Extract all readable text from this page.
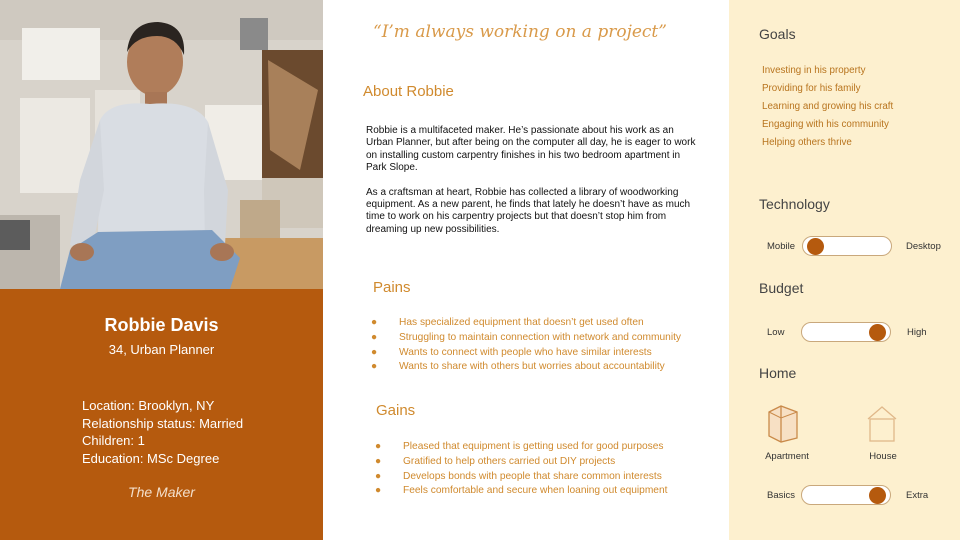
Robbie Davis
34, Urban Planner
Location: Brooklyn, NY
Relationship status: Married
Children: 1
Education: MSc Degree
The Maker
“I’m always working on a project”
About Robbie

Robbie is a multifaceted maker. He’s passionate about his work as an Urban Planner, but after being on the computer all day, he is eager to work on installing custom carpentry finishes in his two bedroom apartment in Park Slope.

As a craftsman at heart, Robbie has collected a library of woodworking equipment. As a new parent, he finds that lately he doesn’t have as much time to work on his carpentry projects but that doesn’t stop him from dreaming up new possibilities.

Pains
●	Has specialized equipment that doesn’t get used often
●	Struggling to maintain connection with network and community
●	Wants to connect with people who have similar interests
●	Wants to share with others but worries about accountability
Gains
●	Pleased that equipment is getting used for good purposes
●	Gratified to help others carried out DIY projects
●	Develops bonds with people that share common interests
●	Feels comfortable and secure when loaning out equipment
Goals
Investing in his property
Providing for his family
Learning and growing his craft
Engaging with his community
Helping others thrive
Technology
Mobile	Desktop
Budget
Low	High
Home
Apartment	House
Basics	Extra
